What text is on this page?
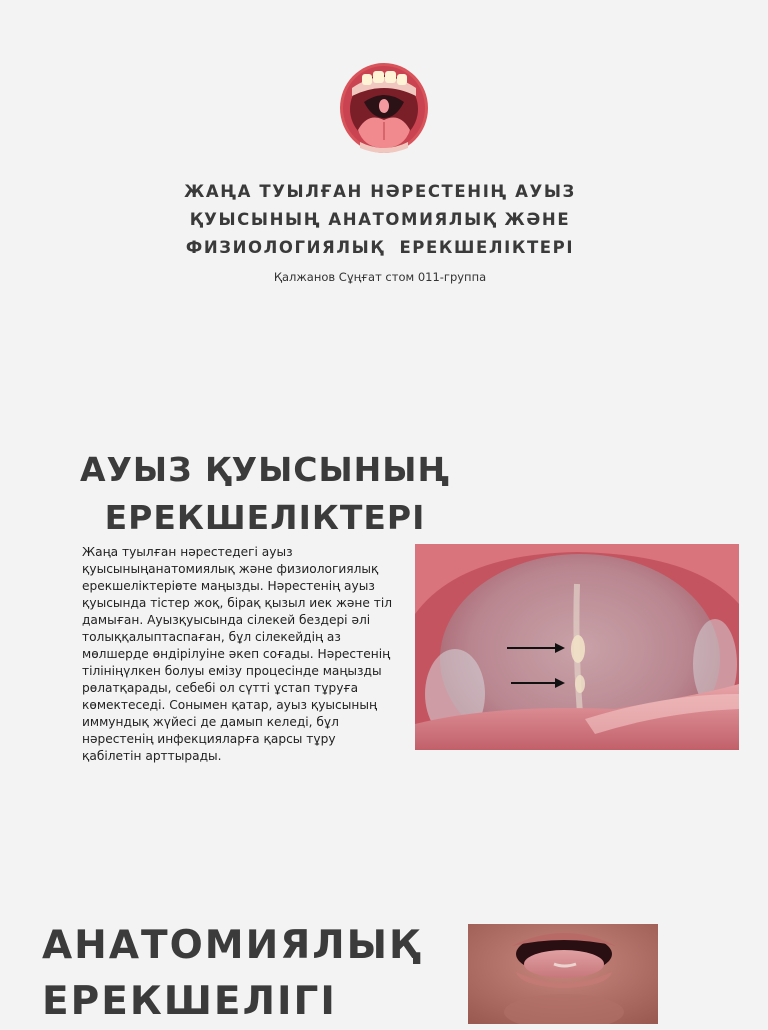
ЖАҢА ТУЫЛҒАН НӘРЕСТЕНІҢ АУЫЗ
ҚУЫСЫНЫҢ АНАТОМИЯЛЫҚ ЖӘНЕ
ФИЗИОЛОГИЯЛЫҚ  ЕРЕКШЕЛІКТЕРІ
Қалжанов Сұңғат стом 011-группа
АУЫЗ ҚУЫСЫНЫҢ
ЕРЕКШЕЛІКТЕРІ
Жаңа туылған нәрестедегі ауыз
қуысыныңанатомиялық және физиологиялық
ерекшеліктеріөте маңызды. Нәрестенің ауыз
қуысында тістер жоқ, бірақ қызыл иек және тіл
дамыған. Ауызқуысында сілекей бездері әлі
толыққалыптаспаған, бұл сілекейдің аз
мөлшерде өндірілуіне әкеп соғады. Нәрестенің
тілініңүлкен болуы емізу процесінде маңызды
рөлатқарады, себебі ол сүтті ұстап тұруға
көмектеседі. Сонымен қатар, ауыз қуысының
иммундық жүйесі де дамып келеді, бұл
нәрестенің инфекцияларға қарсы тұру
қабілетін арттырады.
АНАТОМИЯЛЫҚ
ЕРЕКШЕЛІГІ
